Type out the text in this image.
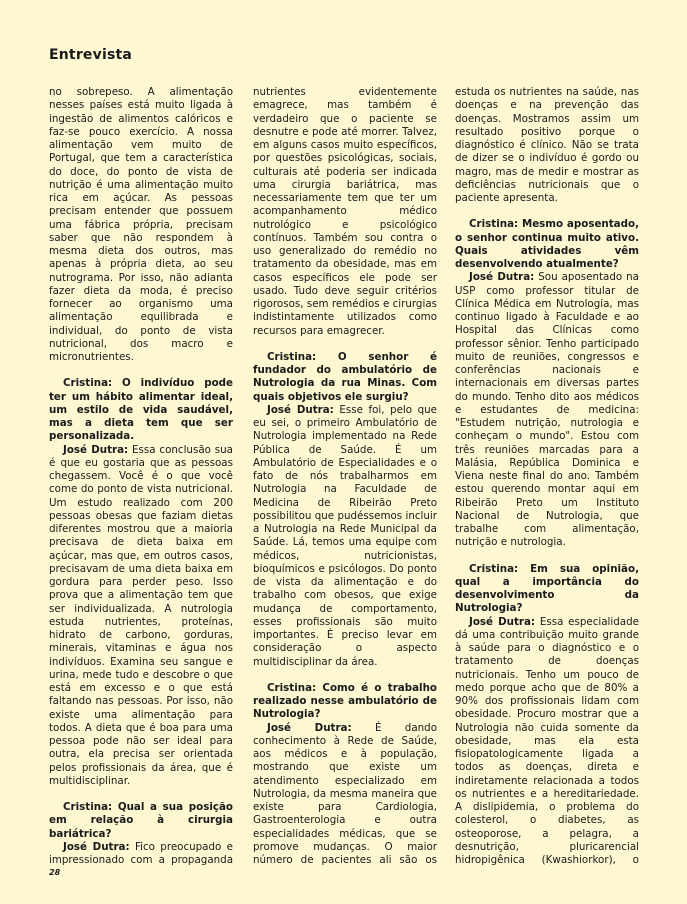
Entrevista

no sobrepeso. A alimentação nesses países está muito ligada à ingestão de alimentos calóricos e faz-se pouco exercício. A nossa alimentação vem muito de Portugal, que tem a característica do doce, do ponto de vista de nutrição é uma alimentação muito rica em açúcar. As pessoas precisam entender que possuem uma fábrica própria, precisam saber que não respondem à mesma dieta dos outros, mas apenas à própria dieta, ao seu nutrograma. Por isso, não adianta fazer dieta da moda, é preciso fornecer ao organismo uma alimentação equilibrada e individual, do ponto de vista nutricional, dos macro e micronutrientes.

Cristina: O indivíduo pode ter um hábito alimentar ideal, um estilo de vida saudável, mas a dieta tem que ser personalizada.

José Dutra: Essa conclusão sua é que eu gostaria que as pessoas chegassem. Você é o que você come do ponto de vista nutricional. Um estudo realizado com 200 pessoas obesas que faziam dietas diferentes mostrou que a maioria precisava de dieta baixa em açúcar, mas que, em outros casos, precisavam de uma dieta baixa em gordura para perder peso. Isso prova que a alimentação tem que ser individualizada. A nutrologia estuda nutrientes, proteínas, hidrato de carbono, gorduras, minerais, vitaminas e água nos indivíduos. Examina seu sangue e urina, mede tudo e descobre o que está em excesso e o que está faltando nas pessoas. Por isso, não existe uma alimentação para todos. A dieta que é boa para uma pessoa pode não ser ideal para outra, ela precisa ser orientada pelos profissionais da área, que é multidisciplinar.

Cristina: Qual a sua posição em relação à cirurgia bariátrica?

José Dutra: Fico preocupado e impressionado com a propaganda

nutrientes evidentemente emagrece, mas também é verdadeiro que o paciente se desnutre e pode até morrer. Talvez, em alguns casos muito específicos, por questões psicológicas, sociais, culturais até poderia ser indicada uma cirurgia bariátrica, mas necessariamente tem que ter um acompanhamento médico nutrológico e psicológico contínuos. Também sou contra o uso generalizado do remédio no tratamento da obesidade, mas em casos específicos ele pode ser usado. Tudo deve seguir critérios rigorosos, sem remédios e cirurgias indistintamente utilizados como recursos para emagrecer.

Cristina: O senhor é fundador do ambulatório de Nutrologia da rua Minas. Com quais objetivos ele surgiu?

José Dutra: Esse foi, pelo que eu sei, o primeiro Ambulatório de Nutrologia implementado na Rede Pública de Saúde. É um Ambulatório de Especialidades e o fato de nós trabalharmos em Nutrologia na Faculdade de Medicina de Ribeirão Preto possibilitou que pudéssemos incluir a Nutrologia na Rede Municipal da Saúde. Lá, temos uma equipe com médicos, nutricionistas, bioquímicos e psicólogos. Do ponto de vista da alimentação e do trabalho com obesos, que exige mudança de comportamento, esses profissionais são muito importantes. É preciso levar em consideração o aspecto multidisciplinar da área.

Cristina: Como é o trabalho realizado nesse ambulatório de Nutrologia?

José Dutra: É dando conhecimento à Rede de Saúde, aos médicos e à população, mostrando que existe um atendimento especializado em Nutrologia, da mesma maneira que existe para Cardiologia, Gastroenterologia e outra especialidades médicas, que se promove mudanças. O maior número de pacientes ali são os

estuda os nutrientes na saúde, nas doenças e na prevenção das doenças. Mostramos assim um resultado positivo porque o diagnóstico é clínico. Não se trata de dizer se o indivíduo é gordo ou magro, mas de medir e mostrar as deficiências nutricionais que o paciente apresenta.

Cristina: Mesmo aposentado, o senhor continua muito ativo. Quais atividades vêm desenvolvendo atualmente?

José Dutra: Sou aposentado na USP como professor titular de Clínica Médica em Nutrologia, mas continuo ligado à Faculdade e ao Hospital das Clínicas como professor sênior. Tenho participado muito de reuniões, congressos e conferências nacionais e internacionais em diversas partes do mundo. Tenho dito aos médicos e estudantes de medicina: "Estudem nutrição, nutrologia e conheçam o mundo". Estou com três reuniões marcadas para a Malásia, República Dominica e Viena neste final do ano. Também estou querendo montar aqui em Ribeirão Preto um Instituto Nacional de Nutrologia, que trabalhe com alimentação, nutrição e nutrologia.

Cristina: Em sua opinião, qual a importância do desenvolvimento da Nutrologia?

José Dutra: Essa especialidade dá uma contribuição muito grande à saúde para o diagnóstico e o tratamento de doenças nutricionais. Tenho um pouco de medo porque acho que de 80% a 90% dos profissionais lidam com obesidade. Procuro mostrar que a Nutrologia não cuida somente da obesidade, mas ela esta fisiopatologicamente ligada a todos as doenças, direta e indiretamente relacionada a todos os nutrientes e a hereditariedade. A dislipidemia, o problema do colesterol, o diabetes, as osteoporose, a pelagra, a desnutrição, pluricarencial hidropigênica (Kwashiorkor), o

28
